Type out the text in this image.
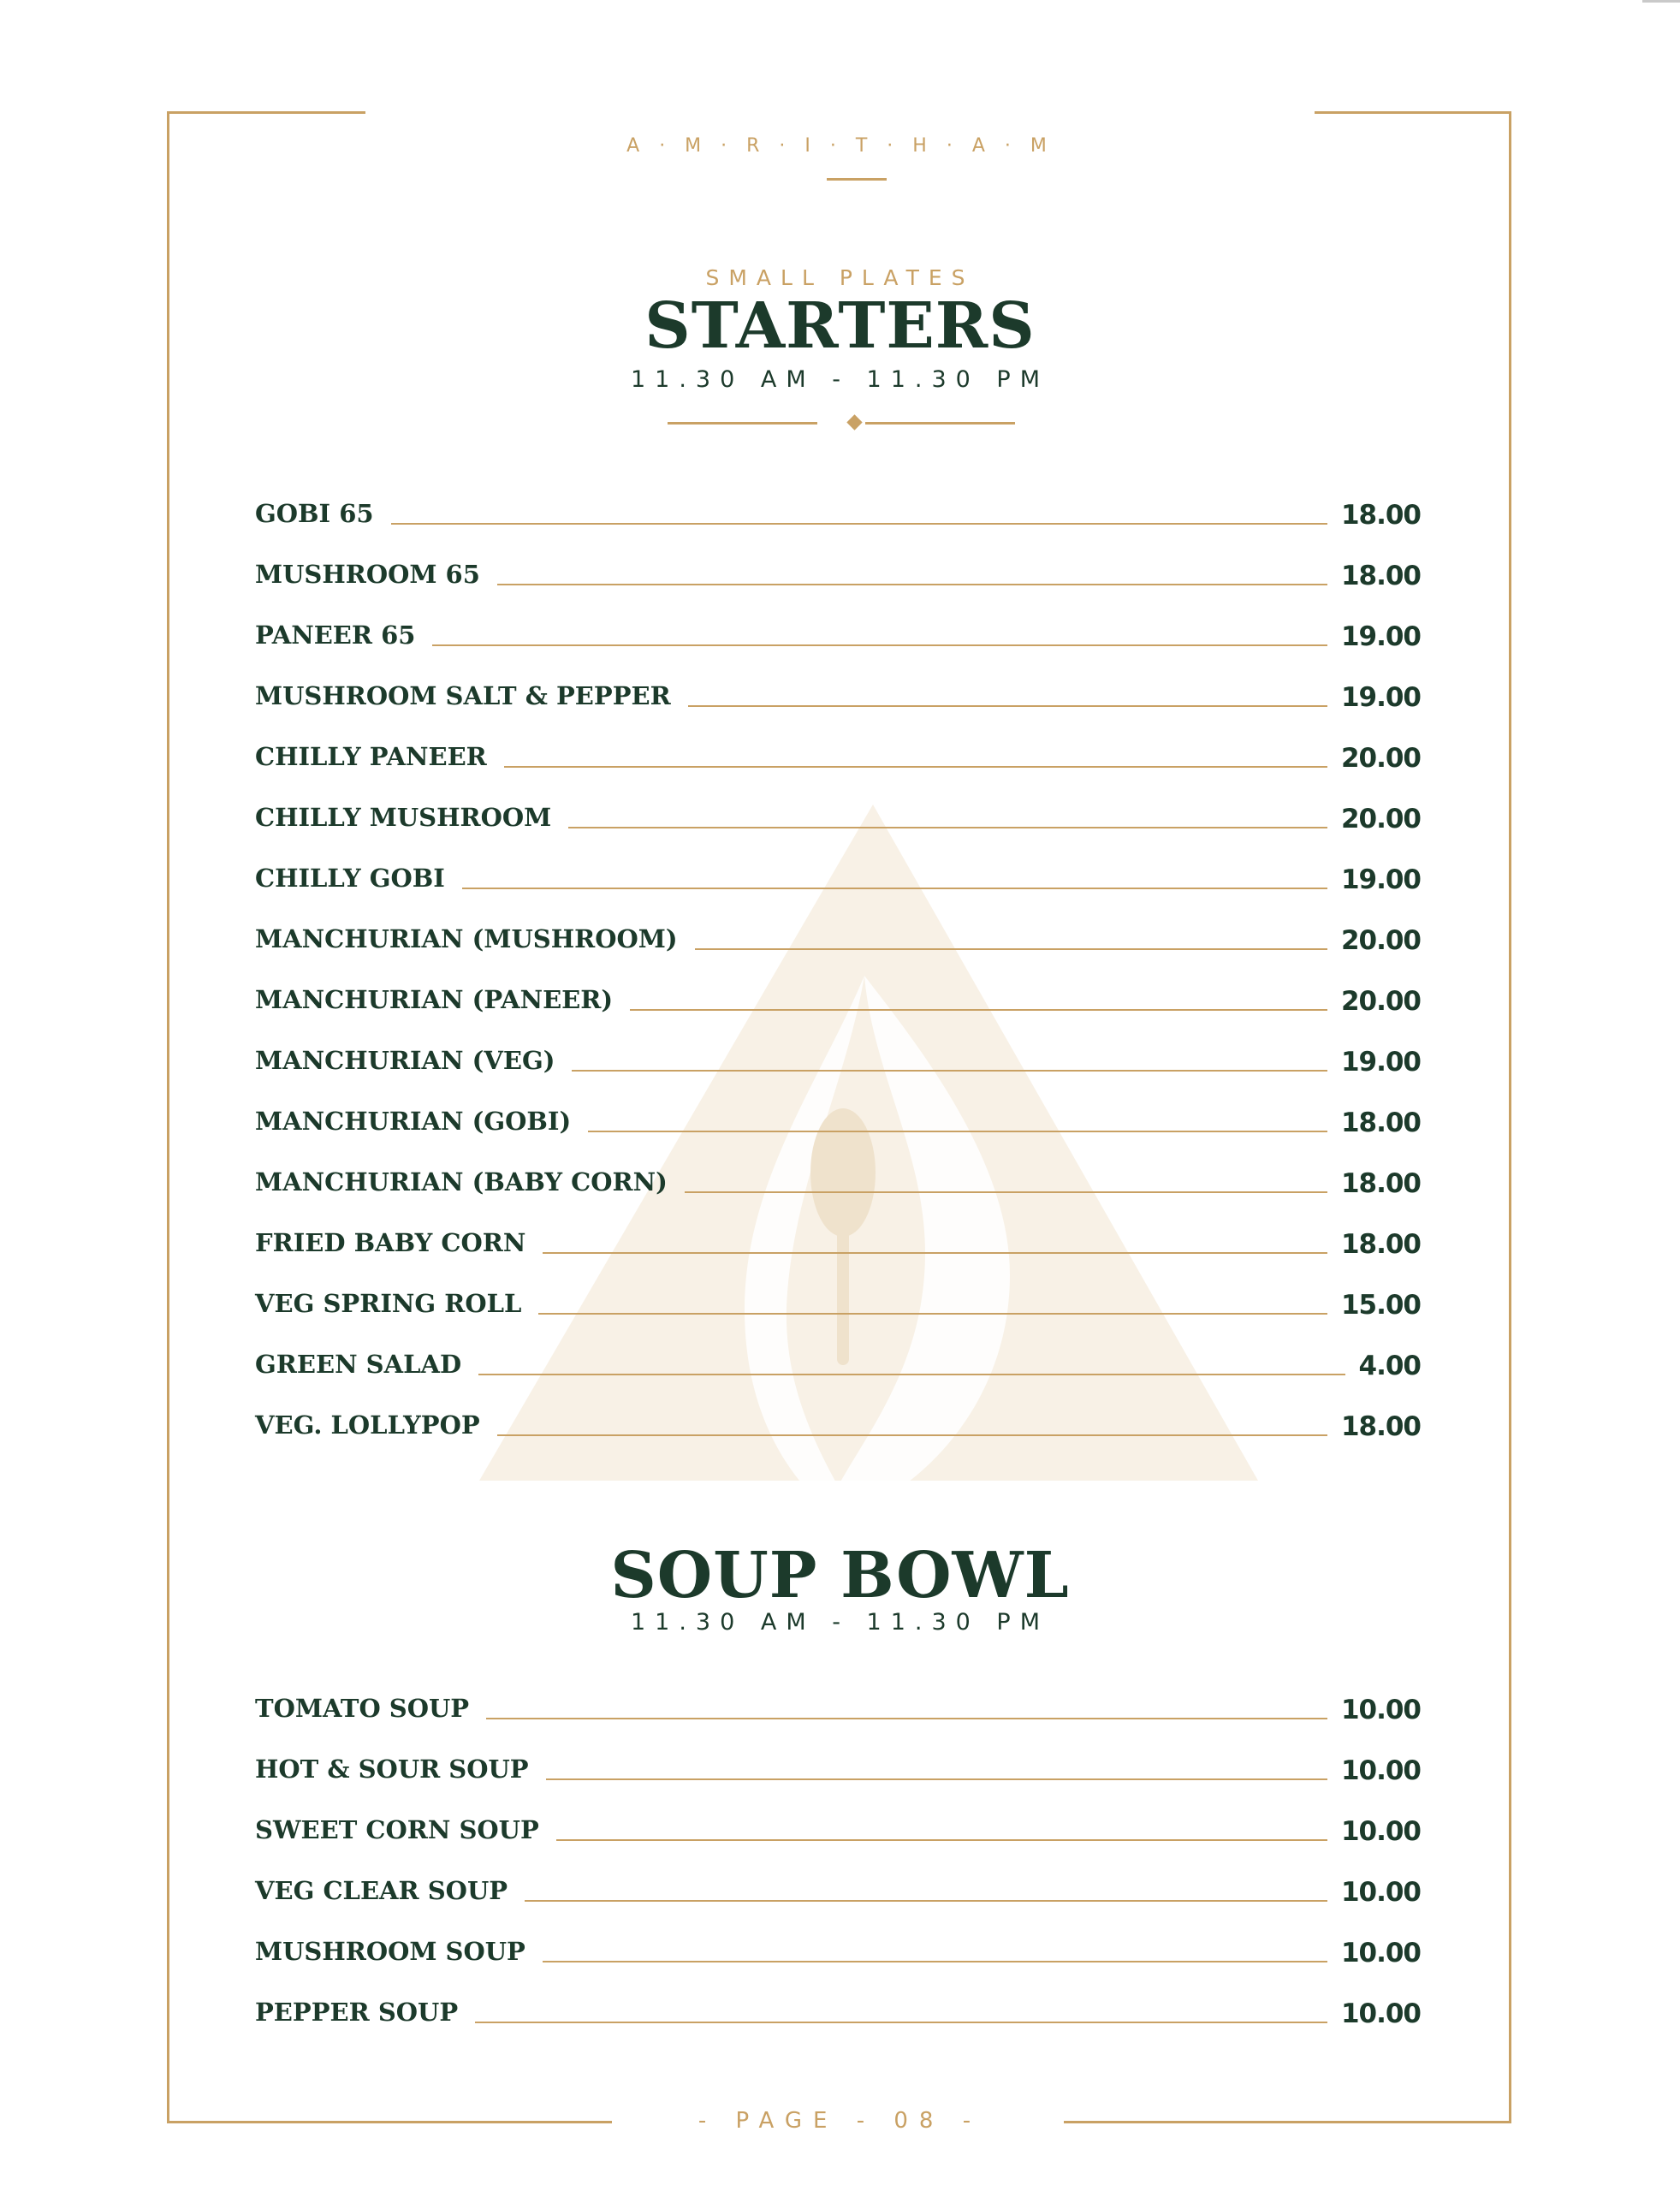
A · M · R · I · T · H · A · M
SMALL PLATES
STARTERS
11.30 AM - 11.30 PM
GOBI 65	18.00
MUSHROOM 65	18.00
PANEER 65	19.00
MUSHROOM SALT & PEPPER	19.00
CHILLY PANEER	20.00
CHILLY MUSHROOM	20.00
CHILLY GOBI	19.00
MANCHURIAN (MUSHROOM)	20.00
MANCHURIAN (PANEER)	20.00
MANCHURIAN (VEG)	19.00
MANCHURIAN (GOBI)	18.00
MANCHURIAN (BABY CORN)	18.00
FRIED BABY CORN	18.00
VEG SPRING ROLL	15.00
GREEN SALAD	4.00
VEG. LOLLYPOP	18.00
SOUP BOWL
11.30 AM - 11.30 PM
TOMATO SOUP	10.00
HOT & SOUR SOUP	10.00
SWEET CORN SOUP	10.00
VEG CLEAR SOUP	10.00
MUSHROOM SOUP	10.00
PEPPER SOUP	10.00
- PAGE - 08 -
